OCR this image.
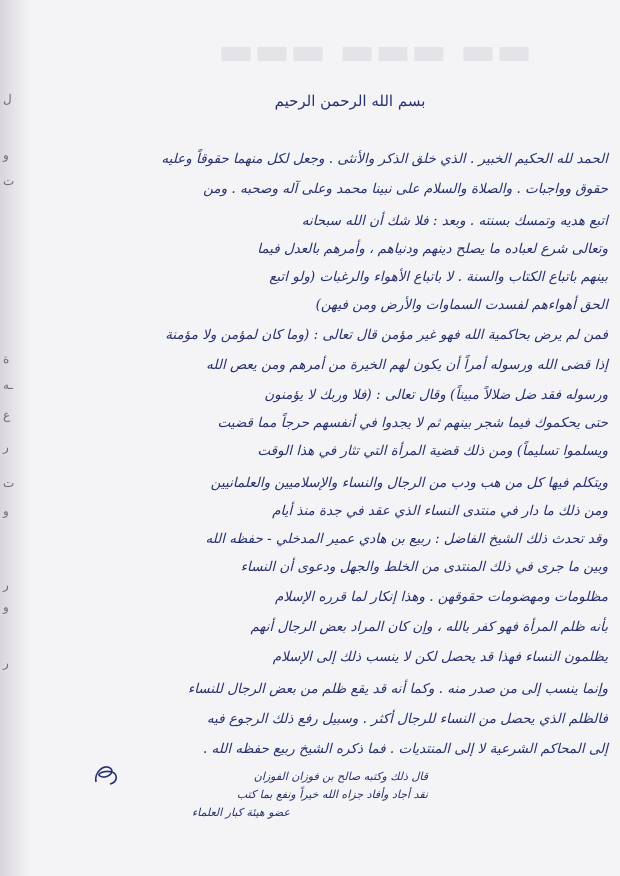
ل
و
ت
ة
ـه
ع
ر
ت
و
ر
و
ر
▬▬ ▬▬▬ ▬▬▬
بسم الله الرحمن الرحيم
الحمد لله الحكيم الخبير . الذي خلق الذكر والأنثى . وجعل لكل منهما حقوقاً وعليه
حقوق وواجبات . والصلاة والسلام على نبينا محمد وعلى آله وصحبه . ومن
اتبع هديه وتمسك بسنته . وبعد : فلا شك أن الله سبحانه
وتعالى شرع لعباده ما يصلح دينهم ودنياهم ، وأمرهم بالعدل فيما
بينهم باتباع الكتاب والسنة . لا باتباع الأهواء والرغبات (ولو اتبع
الحق أهواءهم لفسدت السماوات والأرض ومن فيهن)
فمن لم يرض بحاكمية الله فهو غير مؤمن قال تعالى : (وما كان لمؤمن ولا مؤمنة
إذا قضى الله ورسوله أمراً أن يكون لهم الخيرة من أمرهم ومن يعص الله
ورسوله فقد ضل ضلالاً مبيناً) وقال تعالى : (فلا وربك لا يؤمنون
حتى يحكموك فيما شجر بينهم ثم لا يجدوا في أنفسهم حرجاً مما قضيت
ويسلموا تسليماً) ومن ذلك قضية المرأة التي تثار في هذا الوقت
ويتكلم فيها كل من هب ودب من الرجال والنساء والإسلاميين والعلمانيين
ومن ذلك ما دار في منتدى النساء الذي عقد في جدة منذ أيام
وقد تحدث ذلك الشيخ الفاضل : ربيع بن هادي عمير المدخلي - حفظه الله
وبين ما جرى في ذلك المنتدى من الخلط والجهل ودعوى أن النساء
مظلومات ومهضومات حقوقهن . وهذا إنكار لما قرره الإسلام
بأنه ظلم المرأة فهو كفر بالله ، وإن كان المراد بعض الرجال أنهم
يظلمون النساء فهذا قد يحصل لكن لا ينسب ذلك إلى الإسلام
وإنما ينسب إلى من صدر منه . وكما أنه قد يقع ظلم من بعض الرجال للنساء
فالظلم الذي يحصل من النساء للرجال أكثر . وسبيل رفع ذلك الرجوع فيه
إلى المحاكم الشرعية لا إلى المنتديات . فما ذكره الشيخ ربيع حفظه الله .
قال ذلك وكتبه صالح بن فوزان الفوزان
نقد أجاد وأفاد جزاه الله خيراً ونفع بما كتب
عضو هيئة كبار العلماء
